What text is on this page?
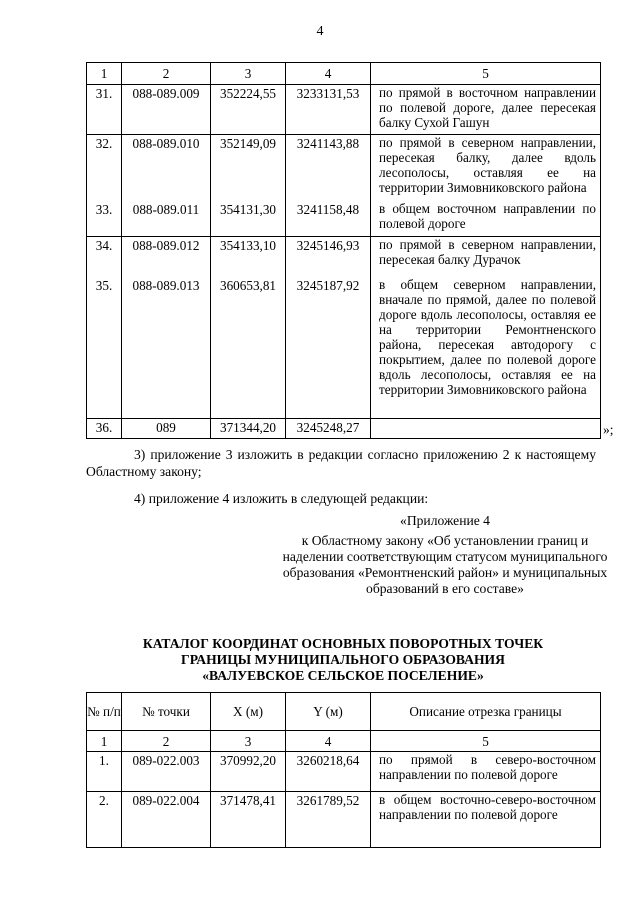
4
1	2	3	4	5
31.	088-089.009	352224,55	3233131,53	по прямой в восточном направлении по полевой дороге, далее пересекая балку Сухой Гашун
32.	088-089.010	352149,09	3241143,88	по прямой в северном направлении, пересекая балку, далее вдоль лесополосы, оставляя ее на территории Зимовниковского района
33.	088-089.011	354131,30	3241158,48	в общем восточном направлении по полевой дороге
34.	088-089.012	354133,10	3245146,93	по прямой в северном направлении, пересекая балку Дурачок
35.	088-089.013	360653,81	3245187,92	в общем северном направлении, вначале по прямой, далее по полевой дороге вдоль лесополосы, оставляя ее на территории Ремонтненского района, пересекая автодорогу с покрытием, далее по полевой дороге вдоль лесополосы, оставляя ее на территории Зимовниковского района
36.	089	371344,20	3245248,27		»;
3) приложение 3 изложить в редакции согласно приложению 2 к настоящему Областному закону;
4) приложение 4 изложить в следующей редакции:
«Приложение 4
к Областному закону «Об установлении границ и наделении соответствующим статусом муниципального образования «Ремонтненский район» и муниципальных образований в его составе»
КАТАЛОГ КООРДИНАТ ОСНОВНЫХ ПОВОРОТНЫХ ТОЧЕК
ГРАНИЦЫ МУНИЦИПАЛЬНОГО ОБРАЗОВАНИЯ
«ВАЛУЕВСКОЕ СЕЛЬСКОЕ ПОСЕЛЕНИЕ»
№ п/п	№ точки	X (м)	Y (м)	Описание отрезка границы
1	2	3	4	5
1.	089-022.003	370992,20	3260218,64	по прямой в северо-восточном направлении по полевой дороге
2.	089-022.004	371478,41	3261789,52	в общем восточно-северо-восточном направлении по полевой дороге
